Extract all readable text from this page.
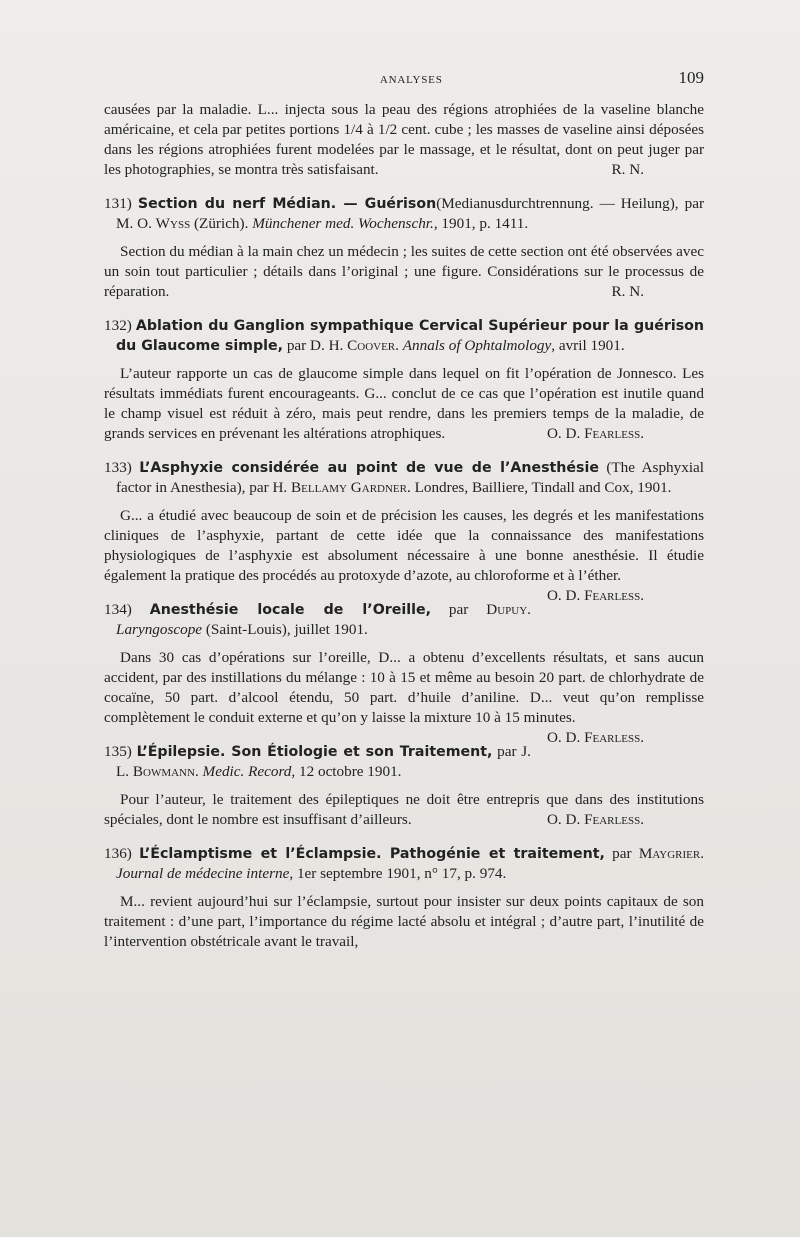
ANALYSES	109

causées par la maladie. L... injecta sous la peau des régions atrophiées de la vaseline blanche américaine, et cela par petites portions 1/4 à 1/2 cent. cube ; les masses de vaseline ainsi déposées dans les régions atrophiées furent modelées par le massage, et le résultat, dont on peut juger par les photographies, se montra très satisfaisant.	R. N.

131) Section du nerf Médian. — Guérison(Medianusdurchtrennung. — Heilung), par M. O. Wyss (Zürich). Münchener med. Wochenschr., 1901, p. 1411.

Section du médian à la main chez un médecin ; les suites de cette section ont été observées avec un soin tout particulier ; détails dans l’original ; une figure. Considérations sur le processus de réparation.	R. N.

132) Ablation du Ganglion sympathique Cervical Supérieur pour la guérison du Glaucome simple, par D. H. Coover. Annals of Ophtalmology, avril 1901.

L’auteur rapporte un cas de glaucome simple dans lequel on fit l’opération de Jonnesco. Les résultats immédiats furent encourageants. G... conclut de ce cas que l’opération est inutile quand le champ visuel est réduit à zéro, mais peut rendre, dans les premiers temps de la maladie, de grands services en prévenant les altérations atrophiques.	O. D. Fearless.

133) L’Asphyxie considérée au point de vue de l’Anesthésie (The Asphyxial factor in Anesthesia), par H. Bellamy Gardner. Londres, Bailliere, Tindall and Cox, 1901.

G... a étudié avec beaucoup de soin et de précision les causes, les degrés et les manifestations cliniques de l’asphyxie, partant de cette idée que la connaissance des manifestations physiologiques de l’asphyxie est absolument nécessaire à une bonne anesthésie. Il étudie également la pratique des procédés au protoxyde d’azote, au chloroforme et à l’éther.
O. D. Fearless.

134) Anesthésie locale de l’Oreille, par Dupuy. Laryngoscope (Saint-Louis), juillet 1901.

Dans 30 cas d’opérations sur l’oreille, D... a obtenu d’excellents résultats, et sans aucun accident, par des instillations du mélange : 10 à 15 et même au besoin 20 part. de chlorhydrate de cocaïne, 50 part. d’alcool étendu, 50 part. d’huile d’aniline. D... veut qu’on remplisse complètement le conduit externe et qu’on y laisse la mixture 10 à 15 minutes.
O. D. Fearless.

135) L’Épilepsie. Son Étiologie et son Traitement, par J. L. Bowmann. Medic. Record, 12 octobre 1901.

Pour l’auteur, le traitement des épileptiques ne doit être entrepris que dans des institutions spéciales, dont le nombre est insuffisant d’ailleurs.	O. D. Fearless.

136) L’Éclamptisme et l’Éclampsie. Pathogénie et traitement, par Maygrier. Journal de médecine interne, 1er septembre 1901, n° 17, p. 974.

M... revient aujourd’hui sur l’éclampsie, surtout pour insister sur deux points capitaux de son traitement : d’une part, l’importance du régime lacté absolu et intégral ; d’autre part, l’inutilité de l’intervention obstétricale avant le travail,
